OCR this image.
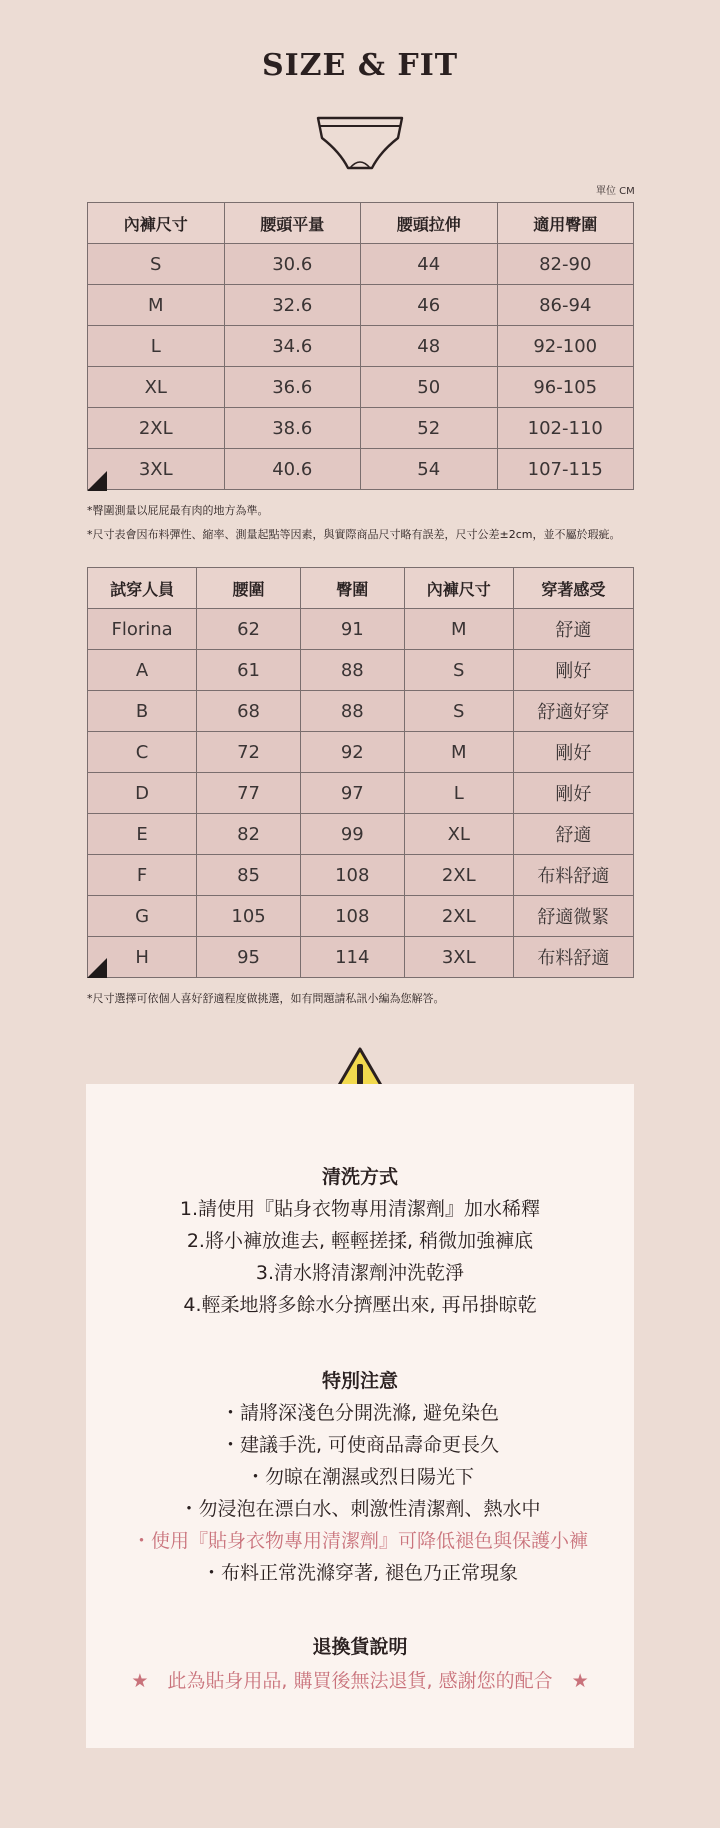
SIZE & FIT
單位 CM
內褲尺寸	腰頭平量	腰頭拉伸	適用臀圍
S	30.6	44	82-90
M	32.6	46	86-94
L	34.6	48	92-100
XL	36.6	50	96-105
2XL	38.6	52	102-110
3XL	40.6	54	107-115
*臀圍測量以屁屁最有肉的地方為準。
*尺寸表會因布料彈性、縮率、測量起點等因素，與實際商品尺寸略有誤差，尺寸公差±2cm，並不屬於瑕疵。
試穿人員	腰圍	臀圍	內褲尺寸	穿著感受
Florina	62	91	M	舒適
A	61	88	S	剛好
B	68	88	S	舒適好穿
C	72	92	M	剛好
D	77	97	L	剛好
E	82	99	XL	舒適
F	85	108	2XL	布料舒適
G	105	108	2XL	舒適微緊
H	95	114	3XL	布料舒適
*尺寸選擇可依個人喜好舒適程度做挑選，如有問題請私訊小編為您解答。
清洗方式
1.請使用『貼身衣物專用清潔劑』加水稀釋
2.將小褲放進去, 輕輕搓揉, 稍微加強褲底
3.清水將清潔劑沖洗乾淨
4.輕柔地將多餘水分擠壓出來, 再吊掛晾乾
特別注意
・請將深淺色分開洗滌, 避免染色
・建議手洗, 可使商品壽命更長久
・勿晾在潮濕或烈日陽光下
・勿浸泡在漂白水、刺激性清潔劑、熱水中
・使用『貼身衣物專用清潔劑』可降低褪色與保護小褲
・布料正常洗滌穿著, 褪色乃正常現象
退換貨說明
★　此為貼身用品, 購買後無法退貨, 感謝您的配合　★
